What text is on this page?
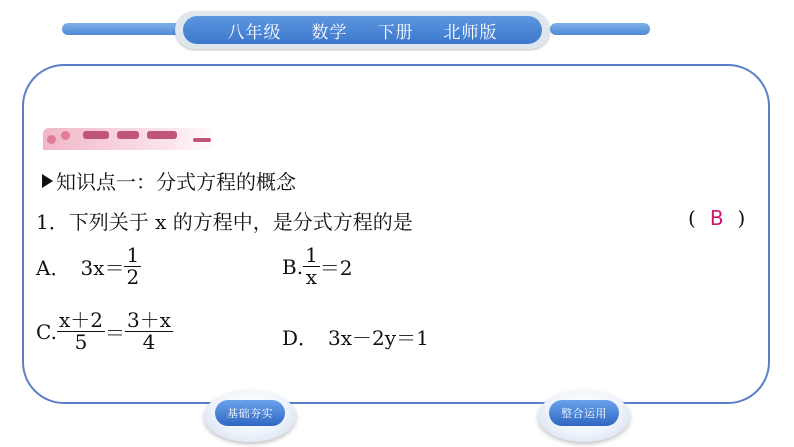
八年级 数学 下册 北师版
知识点一：分式方程的概念
1．下列关于 x 的方程中，是分式方程的是	( B )
A． $3x= \frac{1}{2}$	B. $\frac{1}{x} =2$
C. $\frac{x+2}{5} = \frac{3+x}{4}$	D． 3x－2y＝1
基础夯实	整合运用
